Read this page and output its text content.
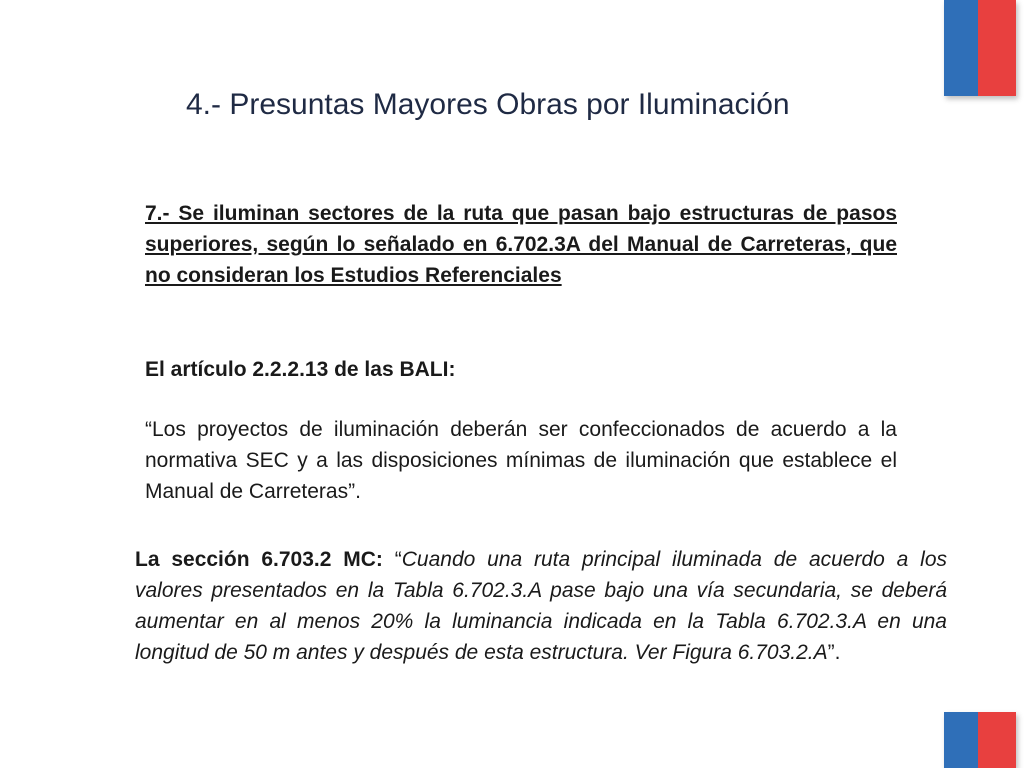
4.- Presuntas Mayores Obras por Iluminación
7.- Se iluminan sectores de la ruta que pasan bajo estructuras de pasos superiores, según lo señalado en 6.702.3A del Manual de Carreteras, que no consideran los Estudios Referenciales

El artículo 2.2.2.13 de las BALI:

“Los proyectos de iluminación deberán ser confeccionados de acuerdo a la normativa SEC y a las disposiciones mínimas de iluminación que establece el Manual de Carreteras”.
La sección 6.703.2 MC: “Cuando una ruta principal iluminada de acuerdo a los valores presentados en la Tabla 6.702.3.A pase bajo una vía secundaria, se deberá aumentar en al menos 20% la luminancia indicada en la Tabla 6.702.3.A en una longitud de 50 m antes y después de esta estructura. Ver Figura 6.703.2.A”.
